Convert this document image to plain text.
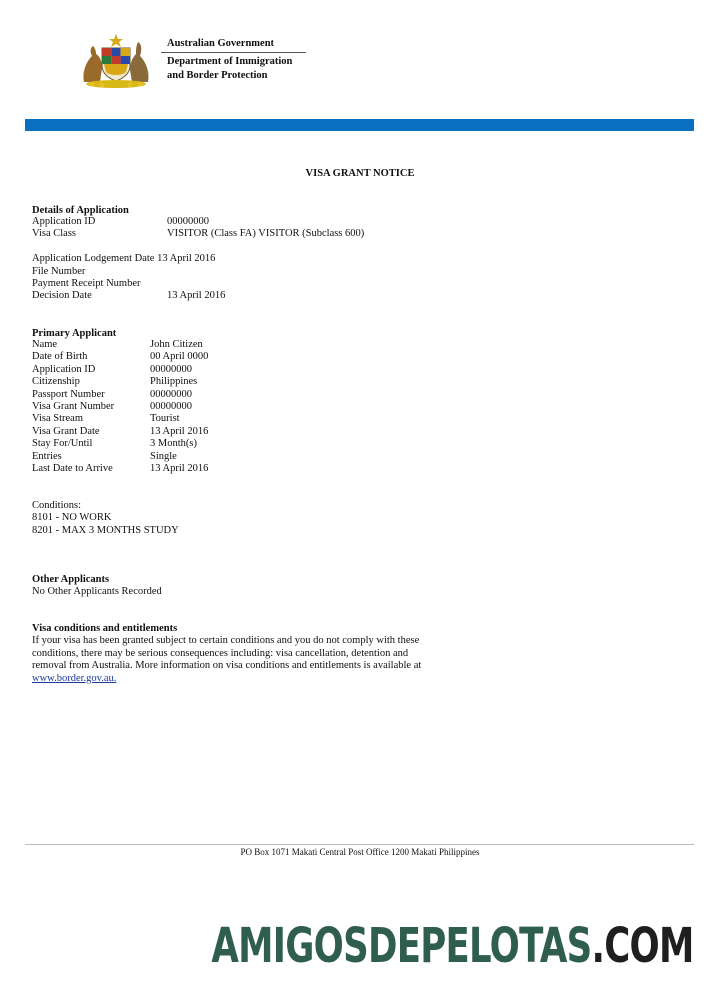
Australian Government
Department of Immigration
and Border Protection
VISA GRANT NOTICE
Details of Application
Application ID	00000000
Visa Class	VISITOR (Class FA) VISITOR (Subclass 600)
Application Lodgement Date 13 April 2016
File Number
Payment Receipt Number
Decision Date	13 April 2016
Primary Applicant
Name	John Citizen
Date of Birth	00 April 0000
Application ID	00000000
Citizenship	Philippines
Passport Number	00000000
Visa Grant Number	00000000
Visa Stream	Tourist
Visa Grant Date	13 April 2016
Stay For/Until	3 Month(s)
Entries	Single
Last Date to Arrive	13 April 2016
Conditions:
8101 - NO WORK
8201 - MAX 3 MONTHS STUDY
Other Applicants
No Other Applicants Recorded
Visa conditions and entitlements
If your visa has been granted subject to certain conditions and you do not comply with these
conditions, there may be serious consequences including: visa cancellation, detention and
removal from Australia. More information on visa conditions and entitlements is available at
www.border.gov.au.
PO Box 1071 Makati Central Post Office 1200 Makati Philippines
AMIGOSDEPELOTAS.COM
